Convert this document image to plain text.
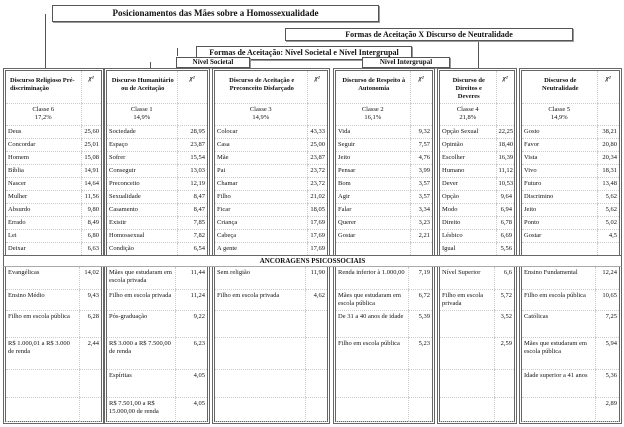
Posicionamentos das Mães sobre a Homossexualidade
Formas de Aceitação X Discurso de Neutralidade
Formas de Aceitação: Nível Societal e Nível Intergrupal
Nível Societal	Nível Intergrupal
Discurso Religioso Pré-discriminação	χ²
Classe 6
17,2%	
Deus	25,60
Concordar	25,01
Homem	15,08
Bíblia	14,91
Nascer	14,64
Mulher	11,56
Absurdo	9,80
Errado	8,49
Lei	6,80
Deixar	6,63
Discurso Humanitário ou de Aceitação	χ²
Classe 1
14,9%	
Sociedade	28,95
Espaço	23,87
Sofrer	15,54
Conseguir	13,03
Preconceito	12,19
Sexualidade	8,47
Casamento	8,47
Existir	7,85
Homossexual	7,82
Condição	6,54
Discurso de Aceitação e Preconceito Disfarçado	χ²
Classe 3
14,9%	
Colocar	43,33
Casa	25,00
Mãe	23,87
Pai	23,72
Chamar	23,72
Filho	21,02
Ficar	18,05
Criança	17,69
Cabeça	17,69
A gente	17,69
Discurso de Respeito à Autonomia	χ²
Classe 2
16,1%	
Vida	9,32
Seguir	7,57
Jeito	4,76
Pensar	3,99
Bom	3,57
Agir	3,57
Falar	3,34
Querer	3,23
Gostar	2,21

Discurso de Direitos e Deveres	χ²
Classe 4
21,8%	
Opção Sexual	22,25
Opinião	18,40
Escolher	16,39
Humano	11,12
Dever	10,53
Opção	9,64
Modo	6,94
Direito	6,78
Lésbico	6,69
Igual	5,56
Discurso de Neutralidade	χ²
Classe 5
14,9%	
Gosto	38,21
Favor	20,80
Vista	20,34
Vivo	18,31
Futuro	13,48
Discrimino	5,62
Jeito	5,62
Ponto	5,02
Gostar	4,5

ANCORAGENS PSICOSSOCIAIS
Evangélicas	14,02
Ensino Médio	9,43
Filho em escola pública	6,28
R$ 1.000,01 a R$ 3.000 de renda	2,44

Mães que estudaram em escola privada	11,44
Filho em escola privada	11,24
Pós-graduação	9,22
R$ 3.000 a R$ 7.500,00 de renda	6,23
Espíritas	4,05
R$ 7.501,00 a R$ 15.000,00 de renda	4,05
Sem religião	11,90
Filho em escola privada	4,62

Renda inferior à 1.000,00	7,19
Mães que estudaram em escola pública	6,72
De 31 a 40 anos de idade	5,39
Filho em escola pública	5,23

Nível Superior	6,6
Filho em escola privada	5,72
	3,52
	2,59

Ensino Fundamental	12,24
Filho em escola pública	10,65
Católicas	7,25
Mães que estudaram em escola pública	5,94
Idade superior a 41 anos	5,36
	2,89
